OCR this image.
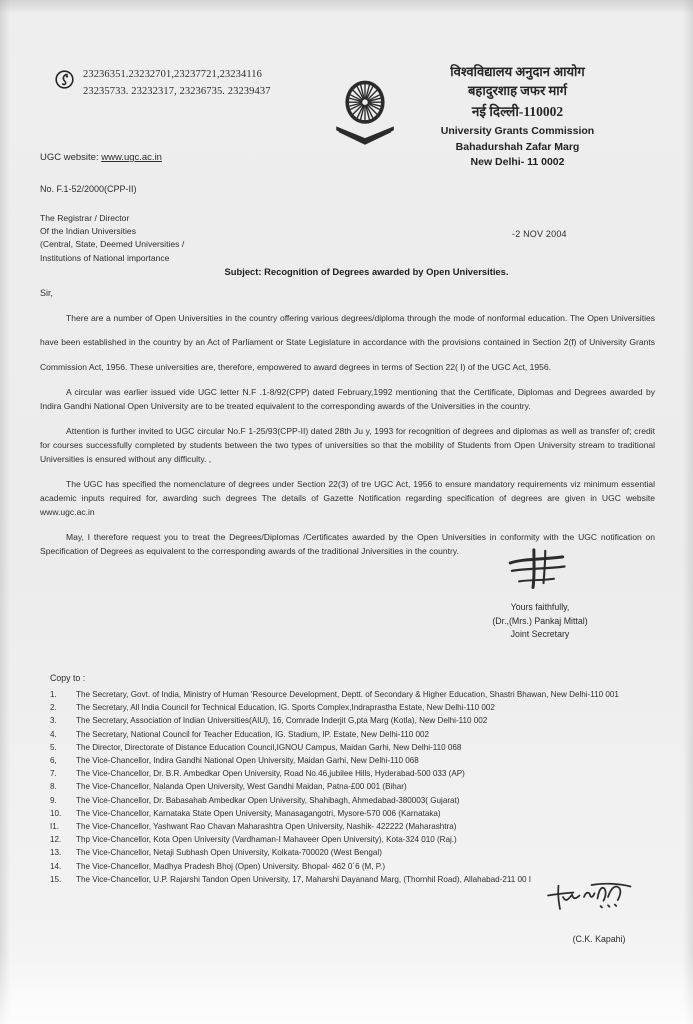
23236351.23232701,23237721,23234116
23235733. 23232317, 23236735. 23239437
विश्वविद्यालय अनुदान आयोग
बहादुरशाह जफर मार्ग
नई दिल्ली-110002
University Grants Commission
Bahadurshah Zafar Marg
New Delhi- 11 0002
UGC website: www.ugc.ac.in
No. F.1-52/2000(CPP-II)
The Registrar / Director
Of the Indian Universities
(Central, State, Deemed Universities /
Institutions of National importance
-2 NOV 2004
Subject: Recognition of Degrees awarded by Open Universities.
Sir,

There are a number of Open Universities in the country offering various degrees/diploma through the mode of nonformal education. The Open Universities have been established in the country by an Act of Parliament or State Legislature in accordance with the provisions contained in Section 2(f) of University Grants Commission Act, 1956. These universities are, therefore, empowered to award degrees in terms of Section 22( I) of the UGC Act, 1956.

A circular was earlier issued vide UGC letter N.F .1-8/92(CPP) dated February,1992 mentioning that the Certificate, Diplomas and Degrees awarded by Indira Gandhi National Open University are to be treated equivalent to the corresponding awards of the Universities in the country.

Attention is further invited to UGC circular No.F 1-25/93(CPP-II) dated 28th Ju y, 1993 for recognition of degrees and diplomas as well as transfer of; credit for courses successfully completed by students between the two types of universities so that the mobility of Students from Open University stream to traditional Universities is ensured without any difficulty. ,

The UGC has specified the nomenclature of degrees under Section 22(3) of tre UGC Act, 1956 to ensure mandatory requirements viz minimum essential academic inputs required for, awarding such degrees The details of Gazette Notification regarding specification of degrees are given in UGC website www.ugc.ac.in

May, I therefore request you to treat the Degrees/Diplomas /Certificates awarded by the Open Universities in conformity with the UGC notification on Specification of Degrees as equivalent to the corresponding awards of the traditional Jniversities in the country.

Yours faithfully,
(Dr.,(Mrs.) Pankaj Mittal)
Joint Secretary
Copy to :
1.	The Secretary, Govt. of India, Ministry of Human 'Resource Development, Deptt. of Secondary & Higher Education, Shastri Bhawan, New Delhi-110 001
2.	The Secretary, All India Council for Technical Education, IG. Sports Complex,Indraprastha Estate, New Delhi-110 002
3.	The Secretary, Association of Indian Universities(AIU), 16, Comrade Inderjit G,pta Marg (Kotla), New Delhi-110 002
4.	The Secretary, National Council for Teacher Education, IG. Stadium, IP. Estate, New Delhi-110 002
5.	The Director, Directorate of Distance Education Council,IGNOU Campus, Maidan Garhi, New Delhi-110 068
6,	The Vice-Chancellor, Indira Gandhi National Open University, Maidan Garhi, New Delhi-110 068
7.	The Vice-Chancellor, Dr. B.R. Ambedkar Open University, Road No.46,jubilee Hills, Hyderabad-500 033 (AP)
8.	The Vice-Chancellor, Nalanda Open University, West Gandhi Maidan, Patna-£00 001 (Bihar)
9.	The Vice-Chancellor, Dr. Babasahab Ambedkar Open University, Shahibagh, Ahmedabad-380003( Gujarat)
10.	The Vice-Chancellor, Karnataka State Open University, Manasagangotri, Mysore-570 006 (Karnataka)
I1.	The Vice-Chancellor, Yashwant Rao Chavan Maharashtra Open University, Nashik- 422222 (Maharashtra)
12.	Thp Vice-Chancellor, Kota Open University (Vardhaman-I Mahaveer Open University), Kota-324 010 (Raj.)
13.	The Vice-Chancellor, Netaji Subhash Open University, Kolkata-700020 (West Bengal)
14.	The Vice-Chancellor, Madhya Pradesh Bhoj (Open) University. Bhopal- 462 0´6 (M, P.)
15.	The Vice-Chancellor, U.P. Rajarshi Tandon Open University, 17, Maharshi Dayanand Marg, (Thornhil Road), Allahabad-211 00 I
(C.K. Kapahi)
